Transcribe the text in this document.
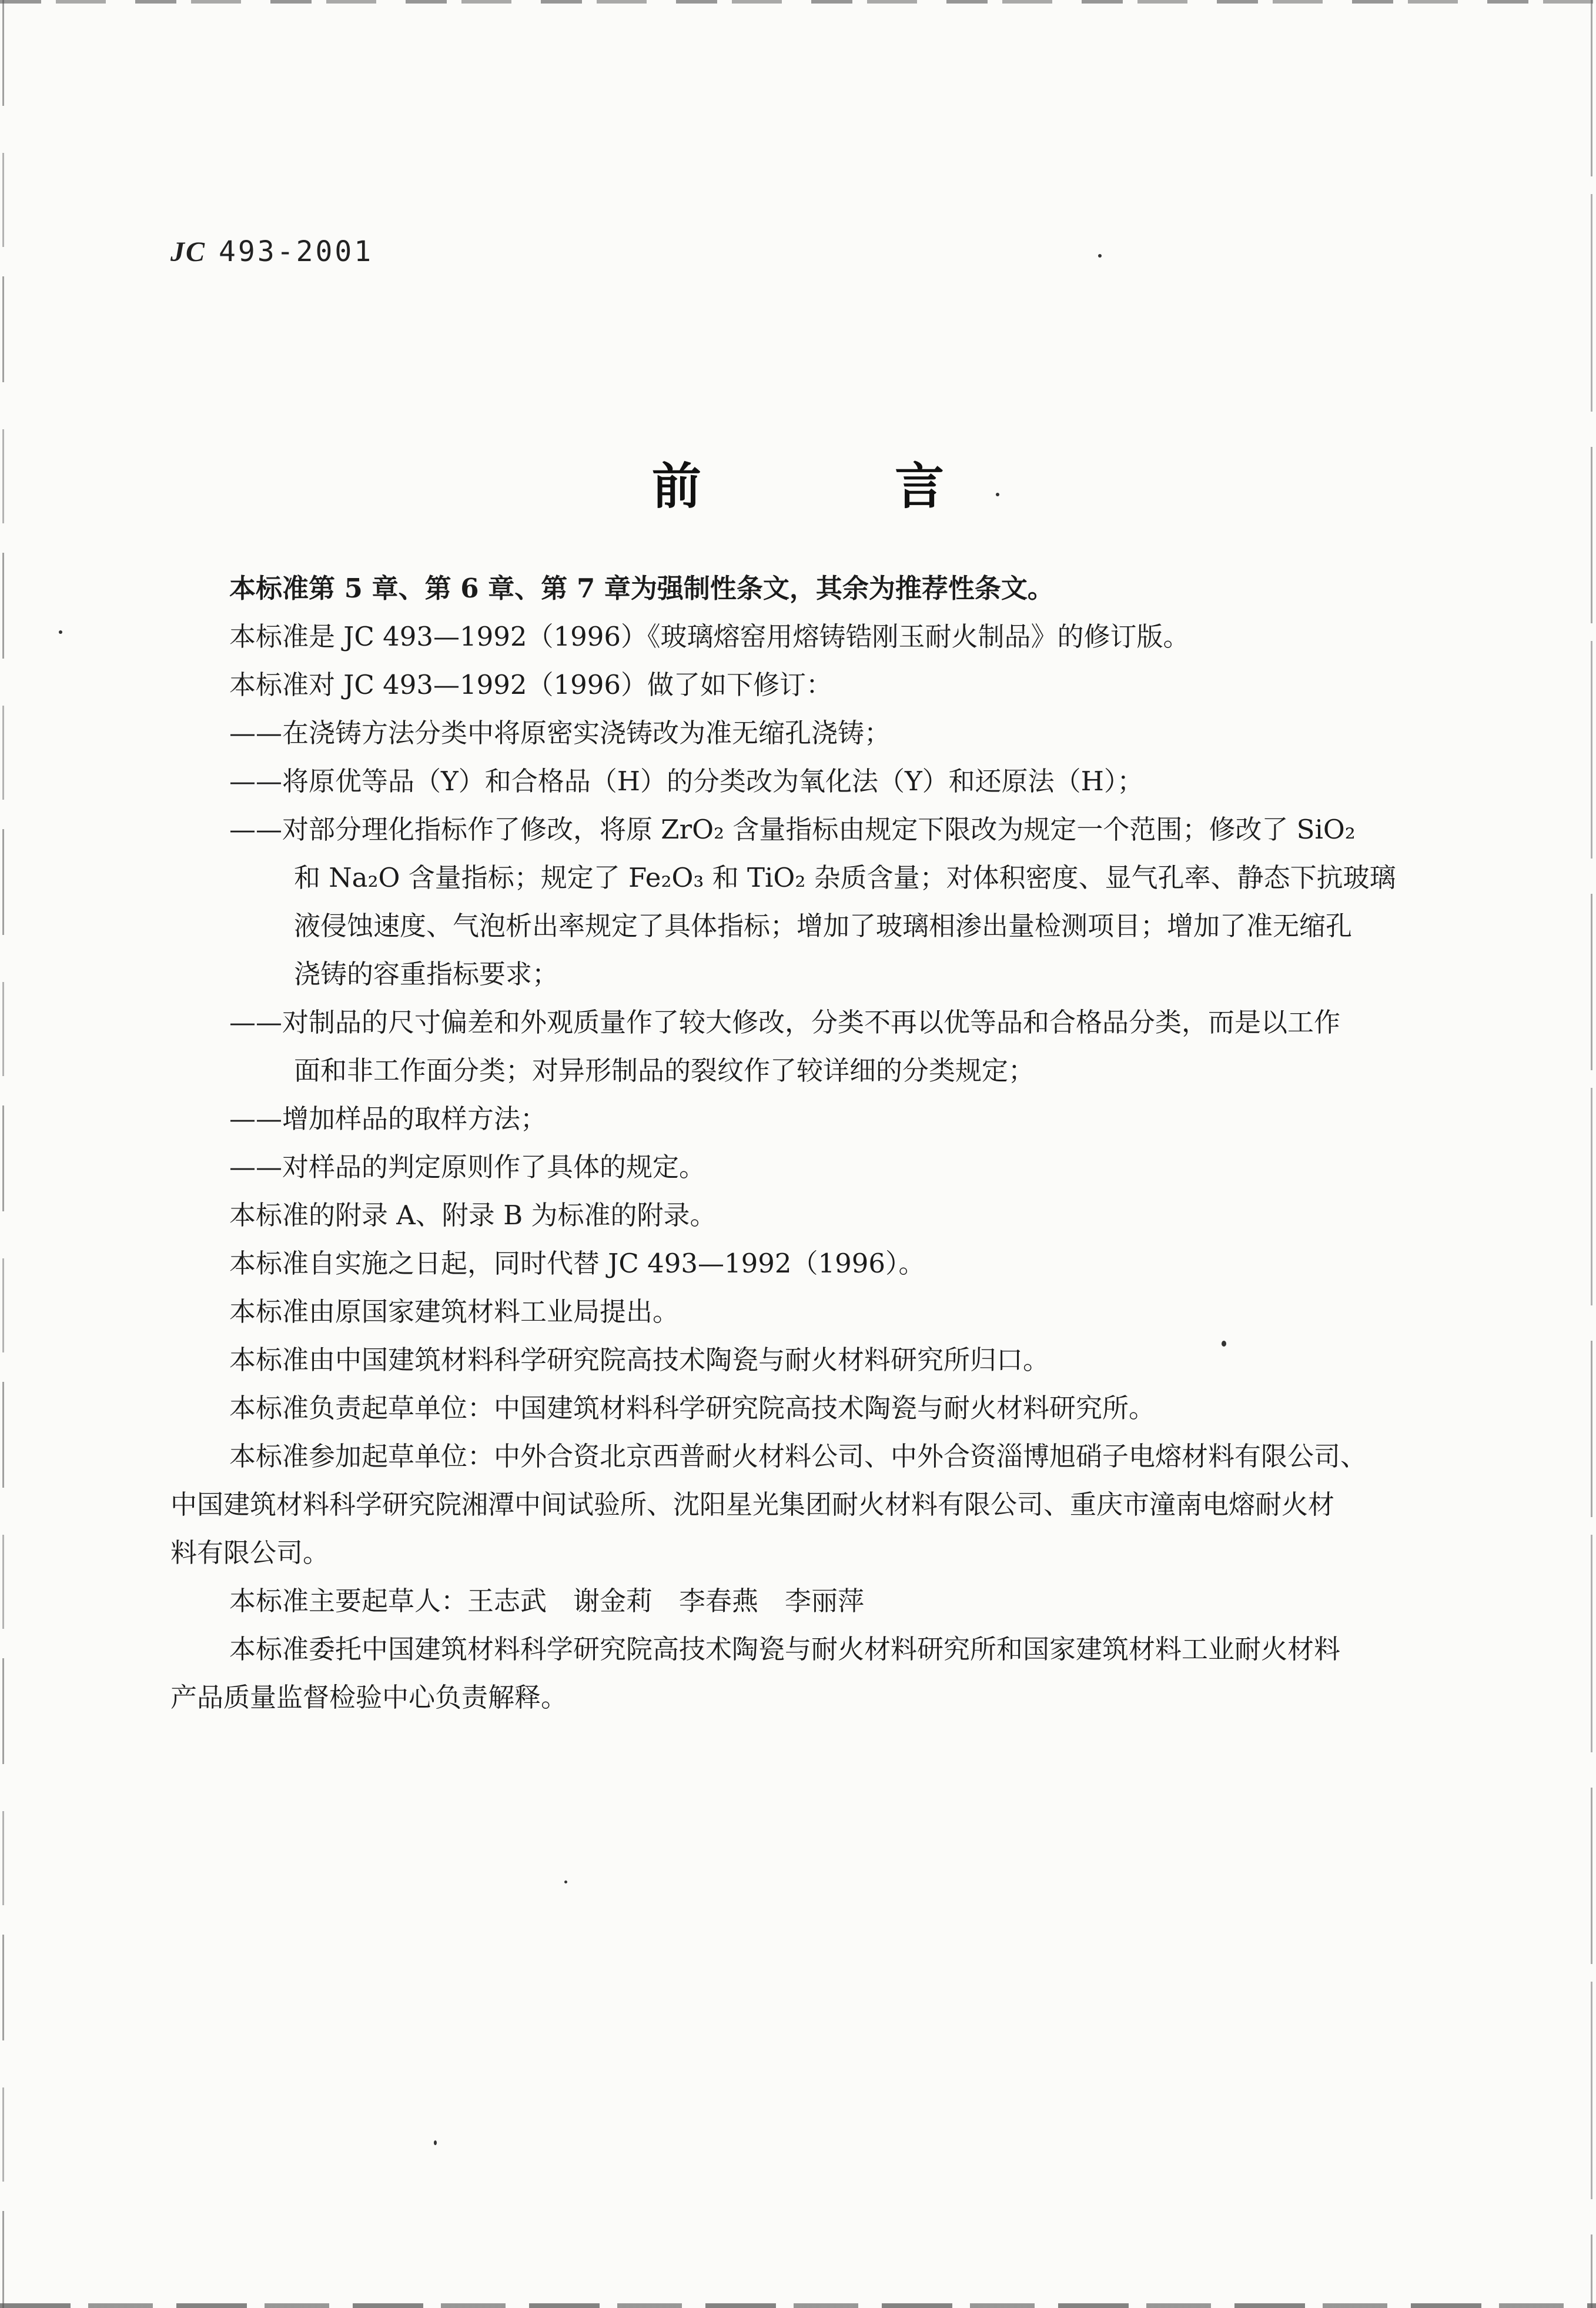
JC 493-2001
前 言

本标准第 5 章、第 6 章、第 7 章为强制性条文，其余为推荐性条文。

本标准是 JC 493—1992（1996）《玻璃熔窑用熔铸锆刚玉耐火制品》的修订版。

本标准对 JC 493—1992（1996）做了如下修订：

——在浇铸方法分类中将原密实浇铸改为准无缩孔浇铸；

——将原优等品（Y）和合格品（H）的分类改为氧化法（Y）和还原法（H）；

——对部分理化指标作了修改，将原 ZrO₂ 含量指标由规定下限改为规定一个范围；修改了 SiO₂

和 Na₂O 含量指标；规定了 Fe₂O₃ 和 TiO₂ 杂质含量；对体积密度、显气孔率、静态下抗玻璃

液侵蚀速度、气泡析出率规定了具体指标；增加了玻璃相渗出量检测项目；增加了准无缩孔

浇铸的容重指标要求；

——对制品的尺寸偏差和外观质量作了较大修改，分类不再以优等品和合格品分类，而是以工作

面和非工作面分类；对异形制品的裂纹作了较详细的分类规定；

——增加样品的取样方法；

——对样品的判定原则作了具体的规定。

本标准的附录 A、附录 B 为标准的附录。

本标准自实施之日起，同时代替 JC 493—1992（1996）。

本标准由原国家建筑材料工业局提出。

本标准由中国建筑材料科学研究院高技术陶瓷与耐火材料研究所归口。

本标准负责起草单位：中国建筑材料科学研究院高技术陶瓷与耐火材料研究所。

本标准参加起草单位：中外合资北京西普耐火材料公司、中外合资淄博旭硝子电熔材料有限公司、

中国建筑材料科学研究院湘潭中间试验所、沈阳星光集团耐火材料有限公司、重庆市潼南电熔耐火材

料有限公司。

本标准主要起草人：王志武　谢金莉　李春燕　李丽萍

本标准委托中国建筑材料科学研究院高技术陶瓷与耐火材料研究所和国家建筑材料工业耐火材料

产品质量监督检验中心负责解释。
